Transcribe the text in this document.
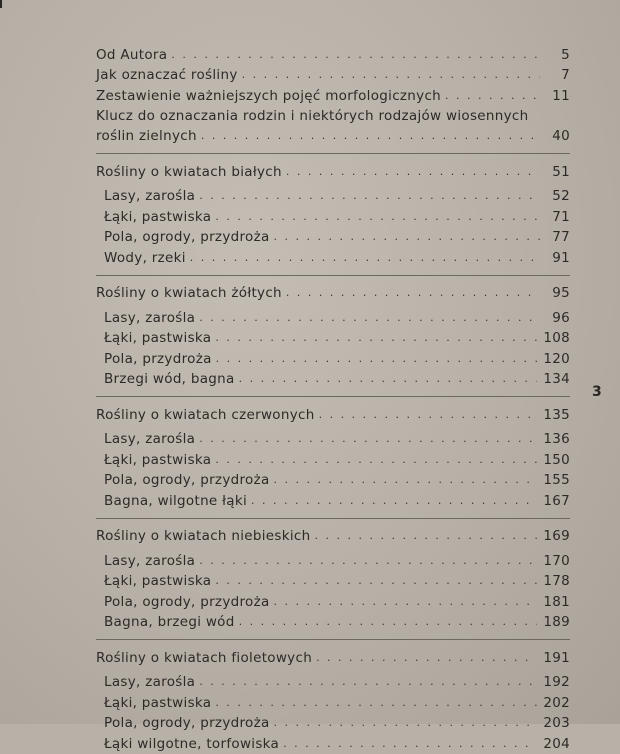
Od Autora . . .	5
Jak oznaczać rośliny . . .	7
Zestawienie ważniejszych pojęć morfologicznych . . .	11
Klucz do oznaczania rodzin i niektórych rodzajów wiosennych
roślin zielnych . . .	40
Rośliny o kwiatach białych . . .	51
Lasy, zarośla . . .	52
Łąki, pastwiska . . .	71
Pola, ogrody, przydroża . . .	77
Wody, rzeki . . .	91
Rośliny o kwiatach żółtych . . .	95
Lasy, zarośla . . .	96
Łąki, pastwiska . . .	108
Pola, przydroża . . .	120
Brzegi wód, bagna . . .	134
Rośliny o kwiatach czerwonych . . .	135
Lasy, zarośla . . .	136
Łąki, pastwiska . . .	150
Pola, ogrody, przydroża . . .	155
Bagna, wilgotne łąki . . .	167
Rośliny o kwiatach niebieskich . . .	169
Lasy, zarośla . . .	170
Łąki, pastwiska . . .	178
Pola, ogrody, przydroża . . .	181
Bagna, brzegi wód . . .	189
Rośliny o kwiatach fioletowych . . .	191
Lasy, zarośla . . .	192
Łąki, pastwiska . . .	202
Pola, ogrody, przydroża . . .	203
Łąki wilgotne, torfowiska . . .	204
3
